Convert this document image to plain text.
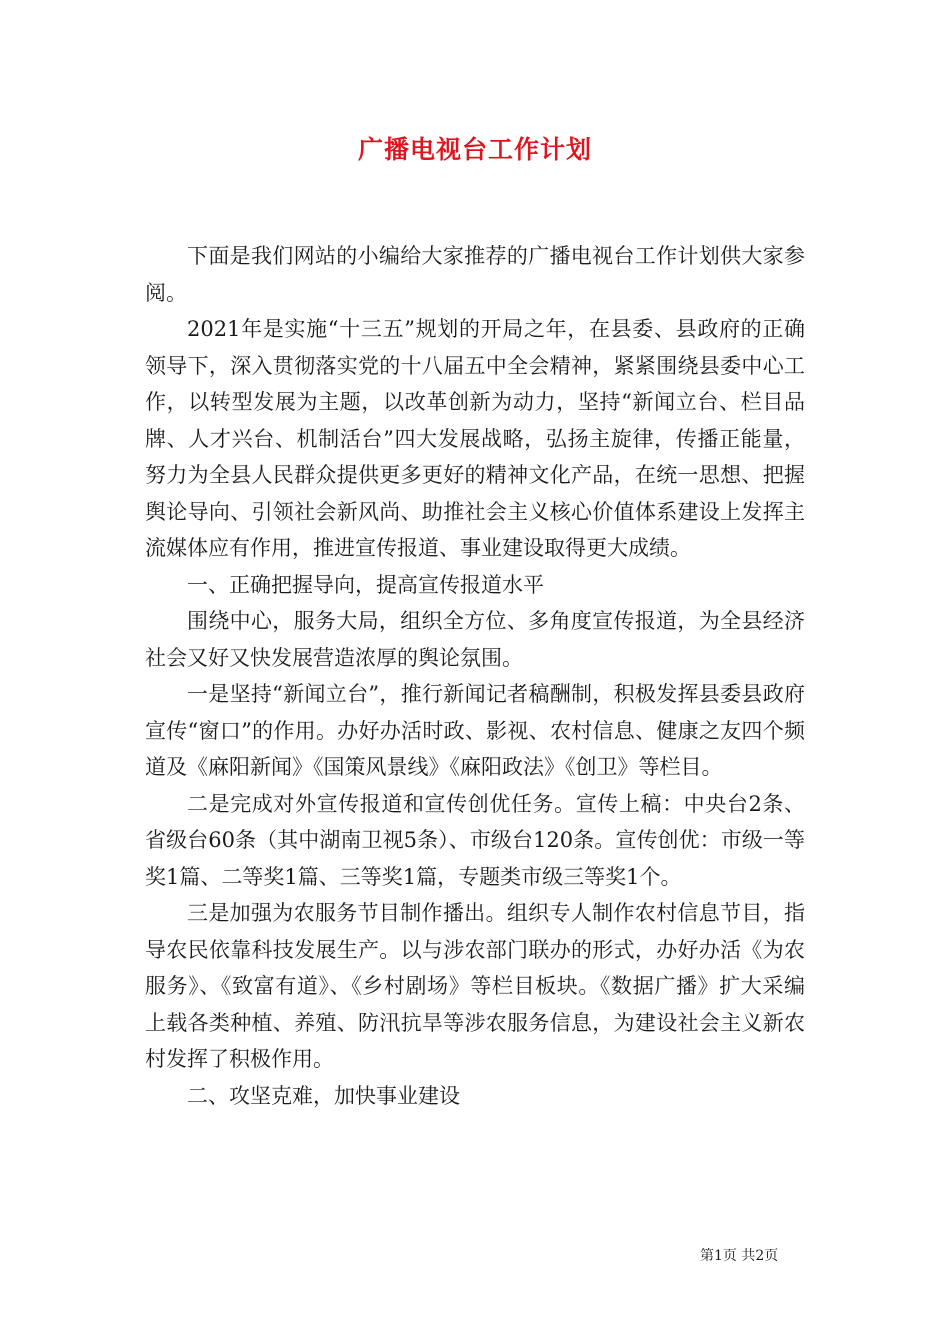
广播电视台工作计划

下面是我们网站的小编给大家推荐的广播电视台工作计划供大家参阅。

2021年是实施“十三五”规划的开局之年，在县委、县政府的正确领导下，深入贯彻落实党的十八届五中全会精神，紧紧围绕县委中心工作，以转型发展为主题，以改革创新为动力，坚持“新闻立台、栏目品牌、人才兴台、机制活台”四大发展战略，弘扬主旋律，传播正能量，努力为全县人民群众提供更多更好的精神文化产品，在统一思想、把握舆论导向、引领社会新风尚、助推社会主义核心价值体系建设上发挥主流媒体应有作用，推进宣传报道、事业建设取得更大成绩。

一、正确把握导向，提高宣传报道水平

围绕中心，服务大局，组织全方位、多角度宣传报道，为全县经济社会又好又快发展营造浓厚的舆论氛围。

一是坚持“新闻立台”，推行新闻记者稿酬制，积极发挥县委县政府宣传“窗口”的作用。办好办活时政、影视、农村信息、健康之友四个频道及《麻阳新闻》《国策风景线》《麻阳政法》《创卫》等栏目。

二是完成对外宣传报道和宣传创优任务。宣传上稿：中央台2条、省级台60条（其中湖南卫视5条）、市级台120条。宣传创优：市级一等奖1篇、二等奖1篇、三等奖1篇，专题类市级三等奖1个。

三是加强为农服务节目制作播出。组织专人制作农村信息节目，指导农民依靠科技发展生产。以与涉农部门联办的形式，办好办活《为农服务》、《致富有道》、《乡村剧场》等栏目板块。《数据广播》扩大采编上载各类种植、养殖、防汛抗旱等涉农服务信息，为建设社会主义新农村发挥了积极作用。

二、攻坚克难，加快事业建设

第1页 共2页
